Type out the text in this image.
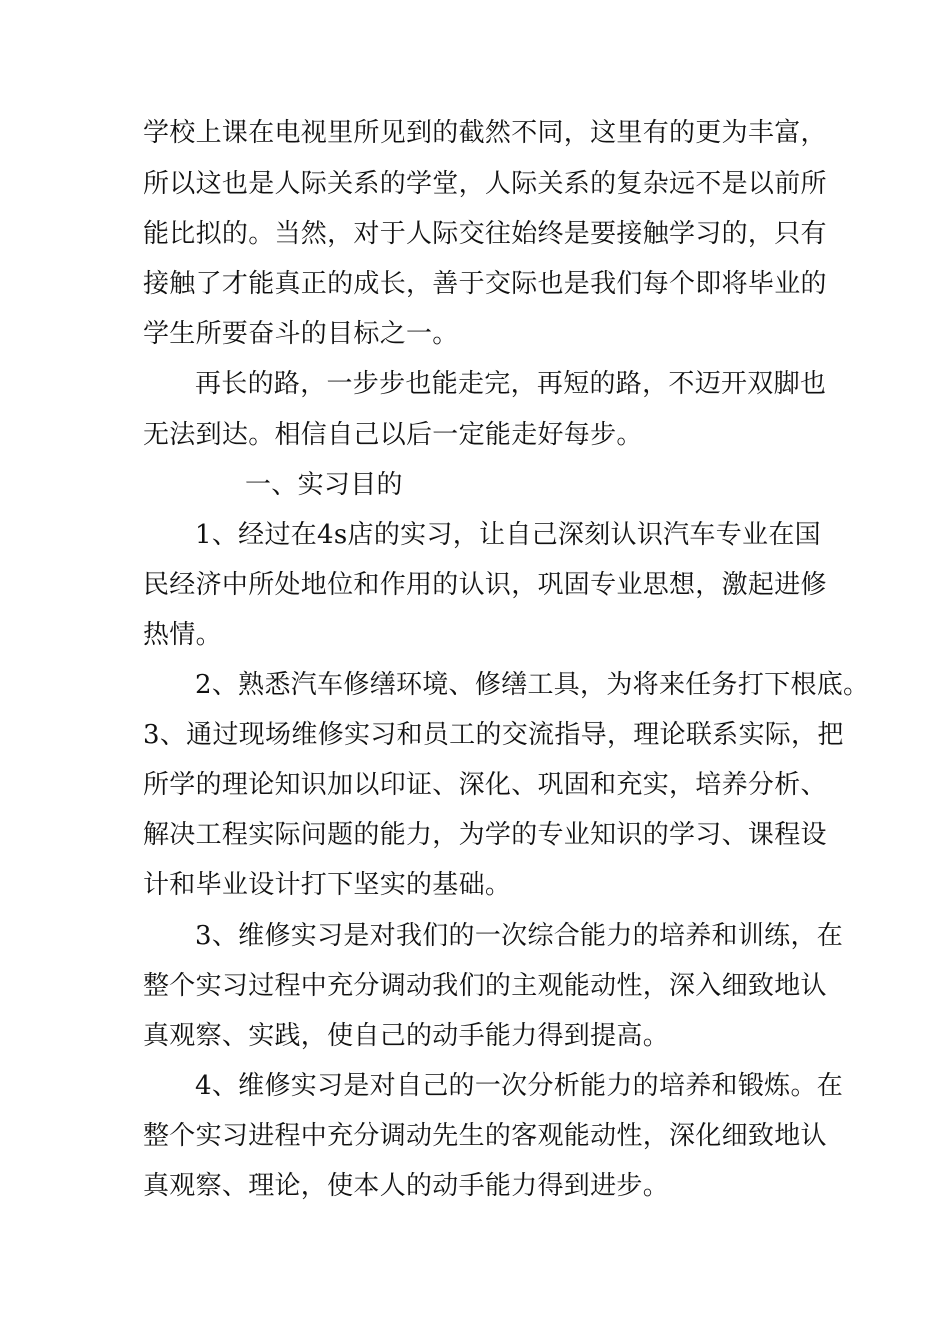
学校上课在电视里所见到的截然不同，这里有的更为丰富，
所以这也是人际关系的学堂，人际关系的复杂远不是以前所
能比拟的。当然，对于人际交往始终是要接触学习的，只有
接触了才能真正的成长，善于交际也是我们每个即将毕业的
学生所要奋斗的目标之一。
再长的路，一步步也能走完，再短的路，不迈开双脚也
无法到达。相信自己以后一定能走好每步。
一、实习目的
1、经过在4s店的实习，让自己深刻认识汽车专业在国
民经济中所处地位和作用的认识，巩固专业思想，激起进修
热情。
2、熟悉汽车修缮环境、修缮工具，为将来任务打下根底。
3、通过现场维修实习和员工的交流指导，理论联系实际，把
所学的理论知识加以印证、深化、巩固和充实，培养分析、
解决工程实际问题的能力，为学的专业知识的学习、课程设
计和毕业设计打下坚实的基础。
3、维修实习是对我们的一次综合能力的培养和训练，在
整个实习过程中充分调动我们的主观能动性，深入细致地认
真观察、实践，使自己的动手能力得到提高。
4、维修实习是对自己的一次分析能力的培养和锻炼。在
整个实习进程中充分调动先生的客观能动性，深化细致地认
真观察、理论，使本人的动手能力得到进步。
